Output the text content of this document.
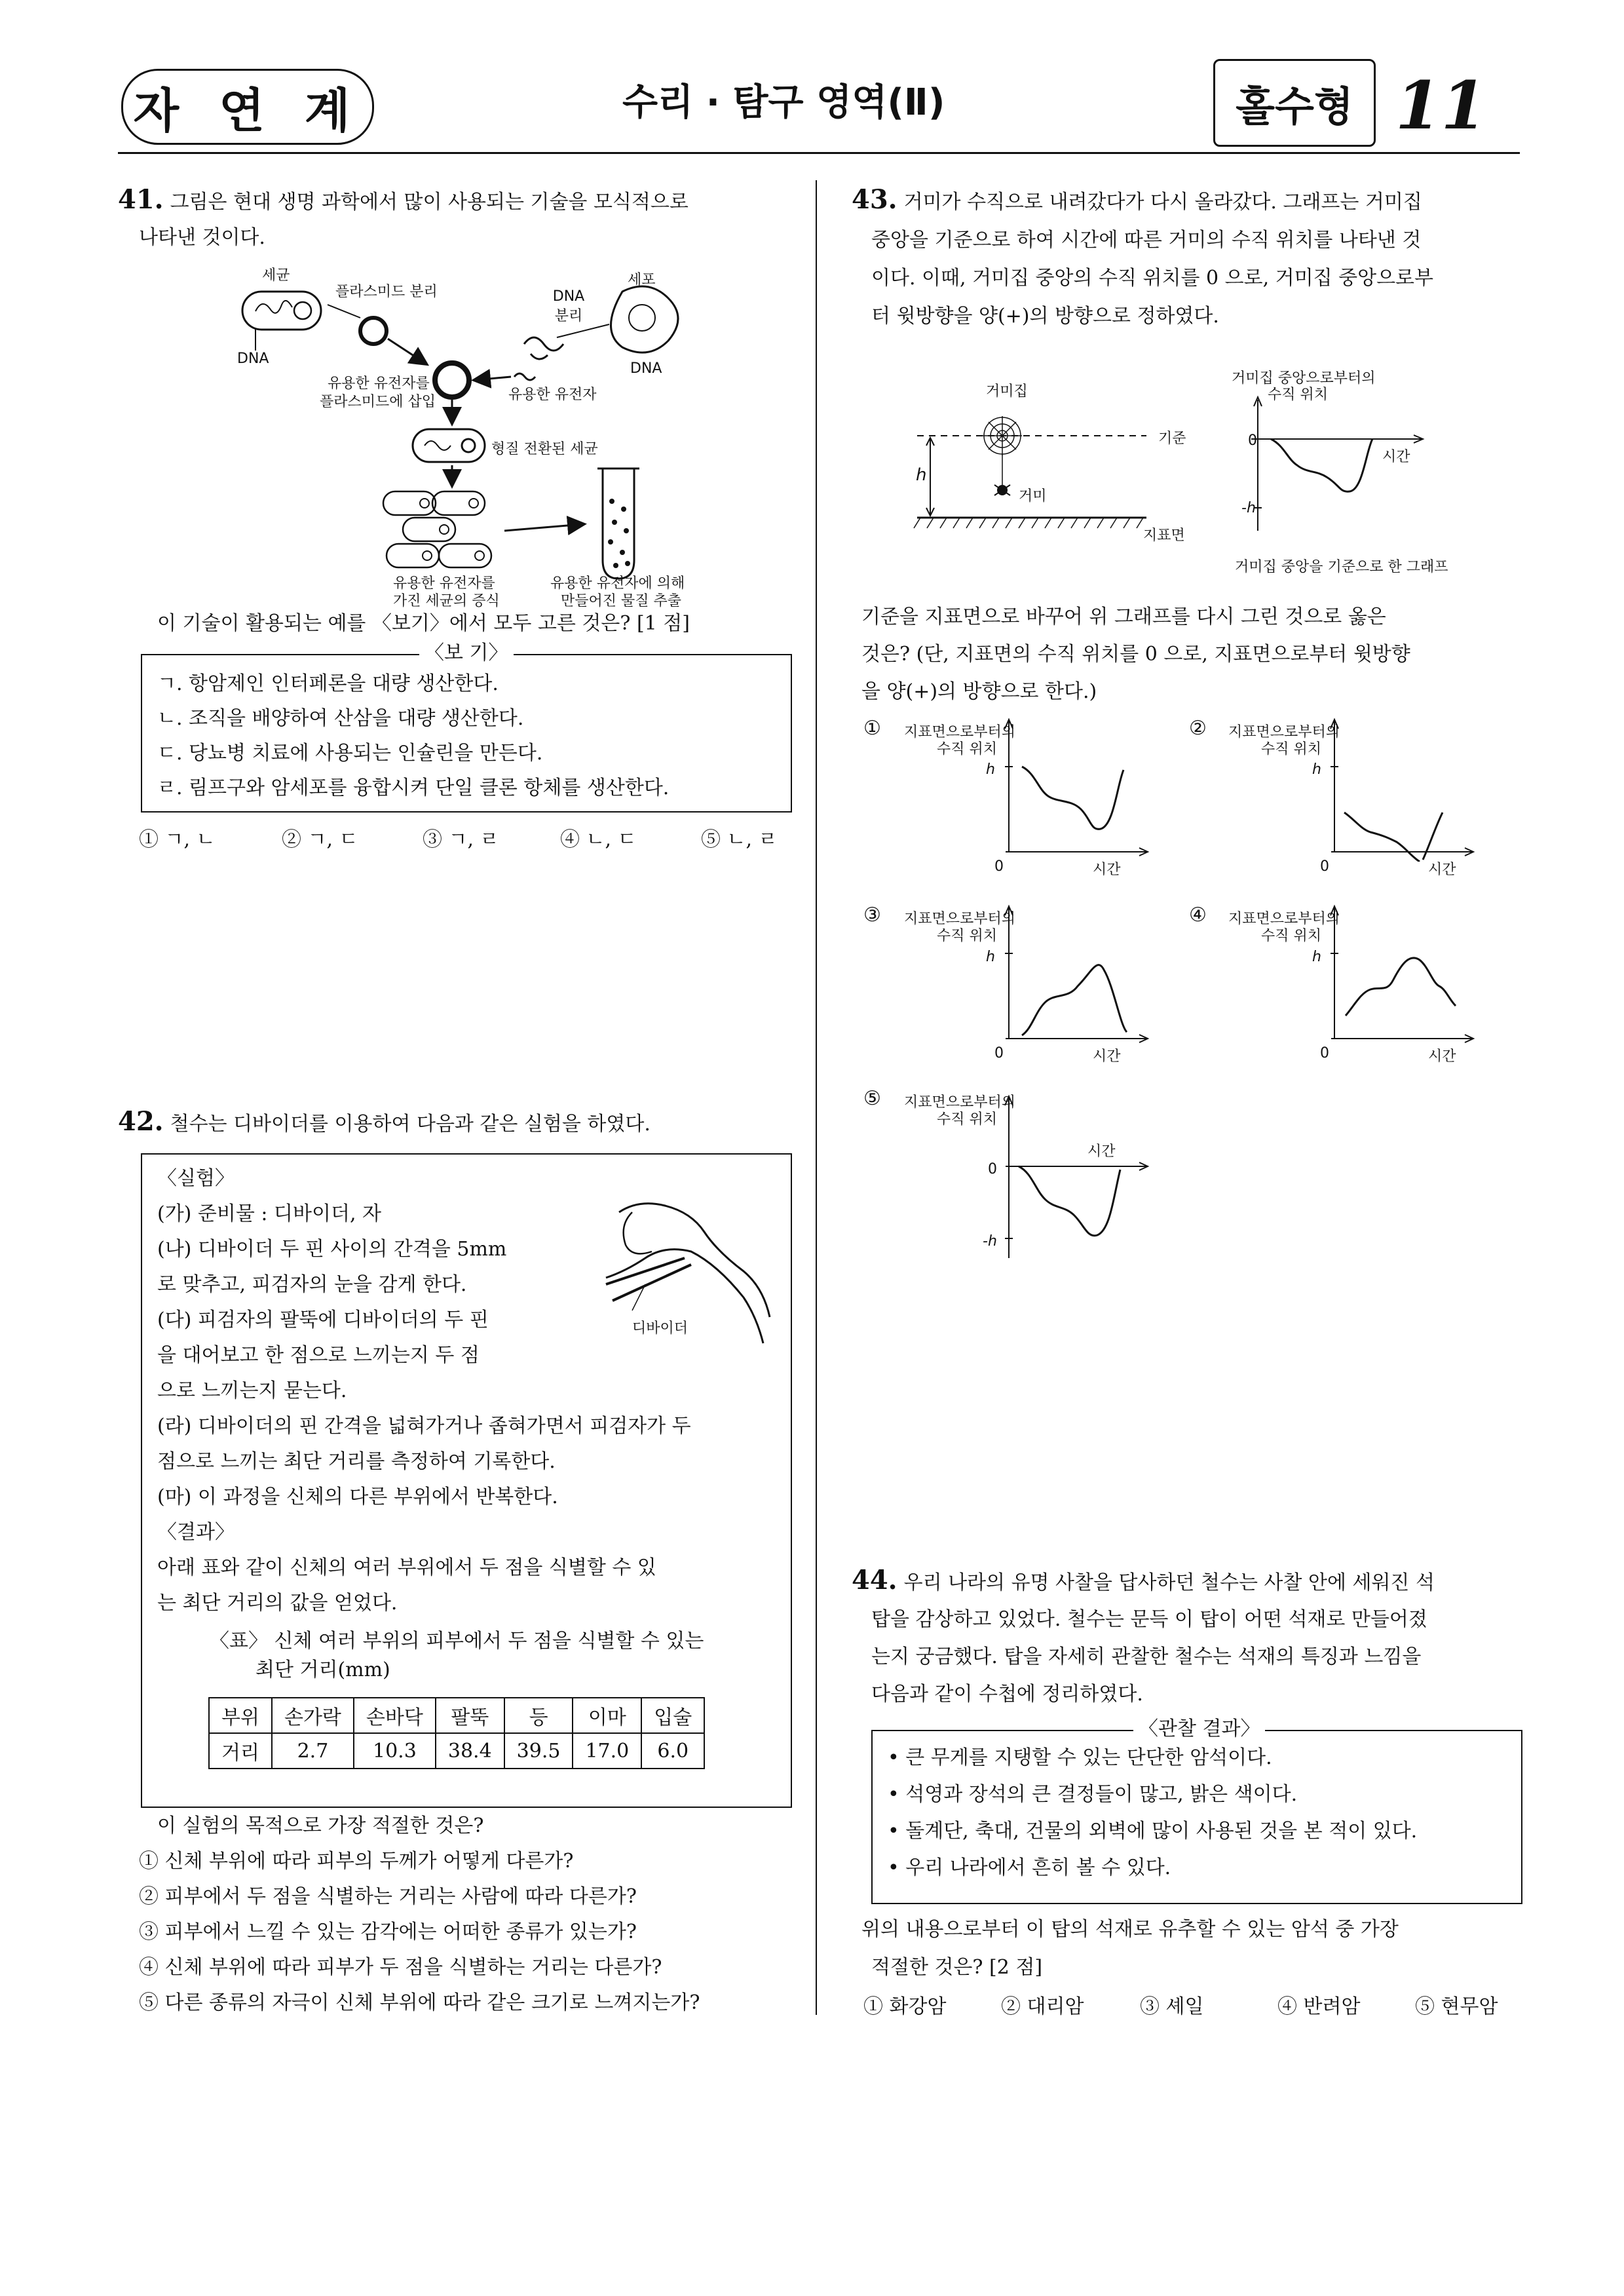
자 연 계	수리 · 탐구 영역(Ⅱ)	홀수형 11
41. 그림은 현대 생명 과학에서 많이 사용되는 기술을 모식적으로
나타낸 것이다.
세균
DNA
플라스미드 분리	DNA 분리
세포
DNA
유용한 유전자
유용한 유전자를
플라스미드에 삽입
형질 전환된 세균
유용한 유전자를
가진 세균의 증식
유용한 유전자에 의해
만들어진 물질 추출
이 기술이 활용되는 예를 〈보기〉에서 모두 고른 것은? [1 점]
〈보 기〉
ㄱ. 항암제인 인터페론을 대량 생산한다.
ㄴ. 조직을 배양하여 산삼을 대량 생산한다.
ㄷ. 당뇨병 치료에 사용되는 인슐린을 만든다.
ㄹ. 림프구와 암세포를 융합시켜 단일 클론 항체를 생산한다.
① ㄱ, ㄴ	② ㄱ, ㄷ	③ ㄱ, ㄹ	④ ㄴ, ㄷ	⑤ ㄴ, ㄹ
42. 철수는 디바이더를 이용하여 다음과 같은 실험을 하였다.
〈실험〉
(가) 준비물 : 디바이더, 자
(나) 디바이더 두 핀 사이의 간격을 5mm
로 맞추고, 피검자의 눈을 감게 한다.
(다) 피검자의 팔뚝에 디바이더의 두 핀
을 대어보고 한 점으로 느끼는지 두 점
으로 느끼는지 묻는다.
(라) 디바이더의 핀 간격을 넓혀가거나 좁혀가면서 피검자가 두
점으로 느끼는 최단 거리를 측정하여 기록한다.
(마) 이 과정을 신체의 다른 부위에서 반복한다.
디바이더
〈결과〉
아래 표와 같이 신체의 여러 부위에서 두 점을 식별할 수 있
는 최단 거리의 값을 얻었다.
〈표〉 신체 여러 부위의 피부에서 두 점을 식별할 수 있는
최단 거리(mm)
부위	손가락	손바닥	팔뚝	등	이마	입술
거리	2.7	10.3	38.4	39.5	17.0	6.0
이 실험의 목적으로 가장 적절한 것은?
① 신체 부위에 따라 피부의 두께가 어떻게 다른가?
② 피부에서 두 점을 식별하는 거리는 사람에 따라 다른가?
③ 피부에서 느낄 수 있는 감각에는 어떠한 종류가 있는가?
④ 신체 부위에 따라 피부가 두 점을 식별하는 거리는 다른가?
⑤ 다른 종류의 자극이 신체 부위에 따라 같은 크기로 느껴지는가?
43. 거미가 수직으로 내려갔다가 다시 올라갔다. 그래프는 거미집
중앙을 기준으로 하여 시간에 따른 거미의 수직 위치를 나타낸 것
이다. 이때, 거미집 중앙의 수직 위치를 0 으로, 거미집 중앙으로부
터 윗방향을 양(+)의 방향으로 정하였다.
거미집
거미
기준
지표면
h
거미집 중앙으로부터의
수직 위치
0
-h
시간
거미집 중앙을 기준으로 한 그래프
기준을 지표면으로 바꾸어 위 그래프를 다시 그린 것으로 옳은
것은? (단, 지표면의 수직 위치를 0 으로, 지표면으로부터 윗방향
을 양(+)의 방향으로 한다.)
① 지표면으로부터의
수직 위치
h
0	시간
② 지표면으로부터의
수직 위치
h
0	시간
③ 지표면으로부터의
수직 위치
h
0	시간
④ 지표면으로부터의
수직 위치
h
0	시간
⑤ 지표면으로부터의
수직 위치
0
-h
시간
44. 우리 나라의 유명 사찰을 답사하던 철수는 사찰 안에 세워진 석
탑을 감상하고 있었다. 철수는 문득 이 탑이 어떤 석재로 만들어졌
는지 궁금했다. 탑을 자세히 관찰한 철수는 석재의 특징과 느낌을
다음과 같이 수첩에 정리하였다.
〈관찰 결과〉
• 큰 무게를 지탱할 수 있는 단단한 암석이다.
• 석영과 장석의 큰 결정들이 많고, 밝은 색이다.
• 돌계단, 축대, 건물의 외벽에 많이 사용된 것을 본 적이 있다.
• 우리 나라에서 흔히 볼 수 있다.
위의 내용으로부터 이 탑의 석재로 유추할 수 있는 암석 중 가장
적절한 것은? [2 점]
① 화강암	② 대리암	③ 셰일	④ 반려암	⑤ 현무암
